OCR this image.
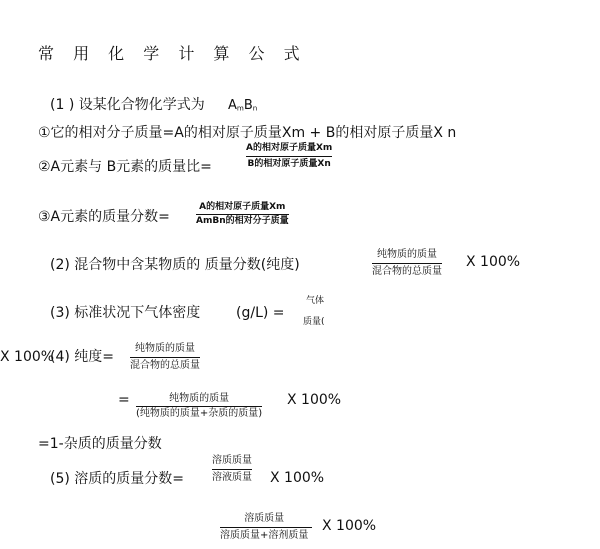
常 用 化 学 计 算 公 式
(1 ) 设某化合物化学式为 $A_mB_n$
①它的相对分子质量=A的相对原子质量Xm + B的相对原子质量X n
②A元素与 B元素的质量比=
A的相对原子质量Xm
B的相对原子质量Xn
③A元素的质量分数=
A的相对原子质量Xm
AmBn的相对分子质量
(2) 混合物中含某物质的 质量分数(纯度)
纯物质的质量
混合物的总质量
X 100%
(3) 标准状况下气体密度	(g/L) =
气体
质量(
X 100%
(4) 纯度=
纯物质的质量
混合物的总质量
=	纯物质的质量
(纯物质的质量+杂质的质量)
X 100%
=1-杂质的质量分数
(5) 溶质的质量分数=
溶质质量
溶液质量 X 100%
溶质质量
溶质质量+溶剂质量
X 100%
